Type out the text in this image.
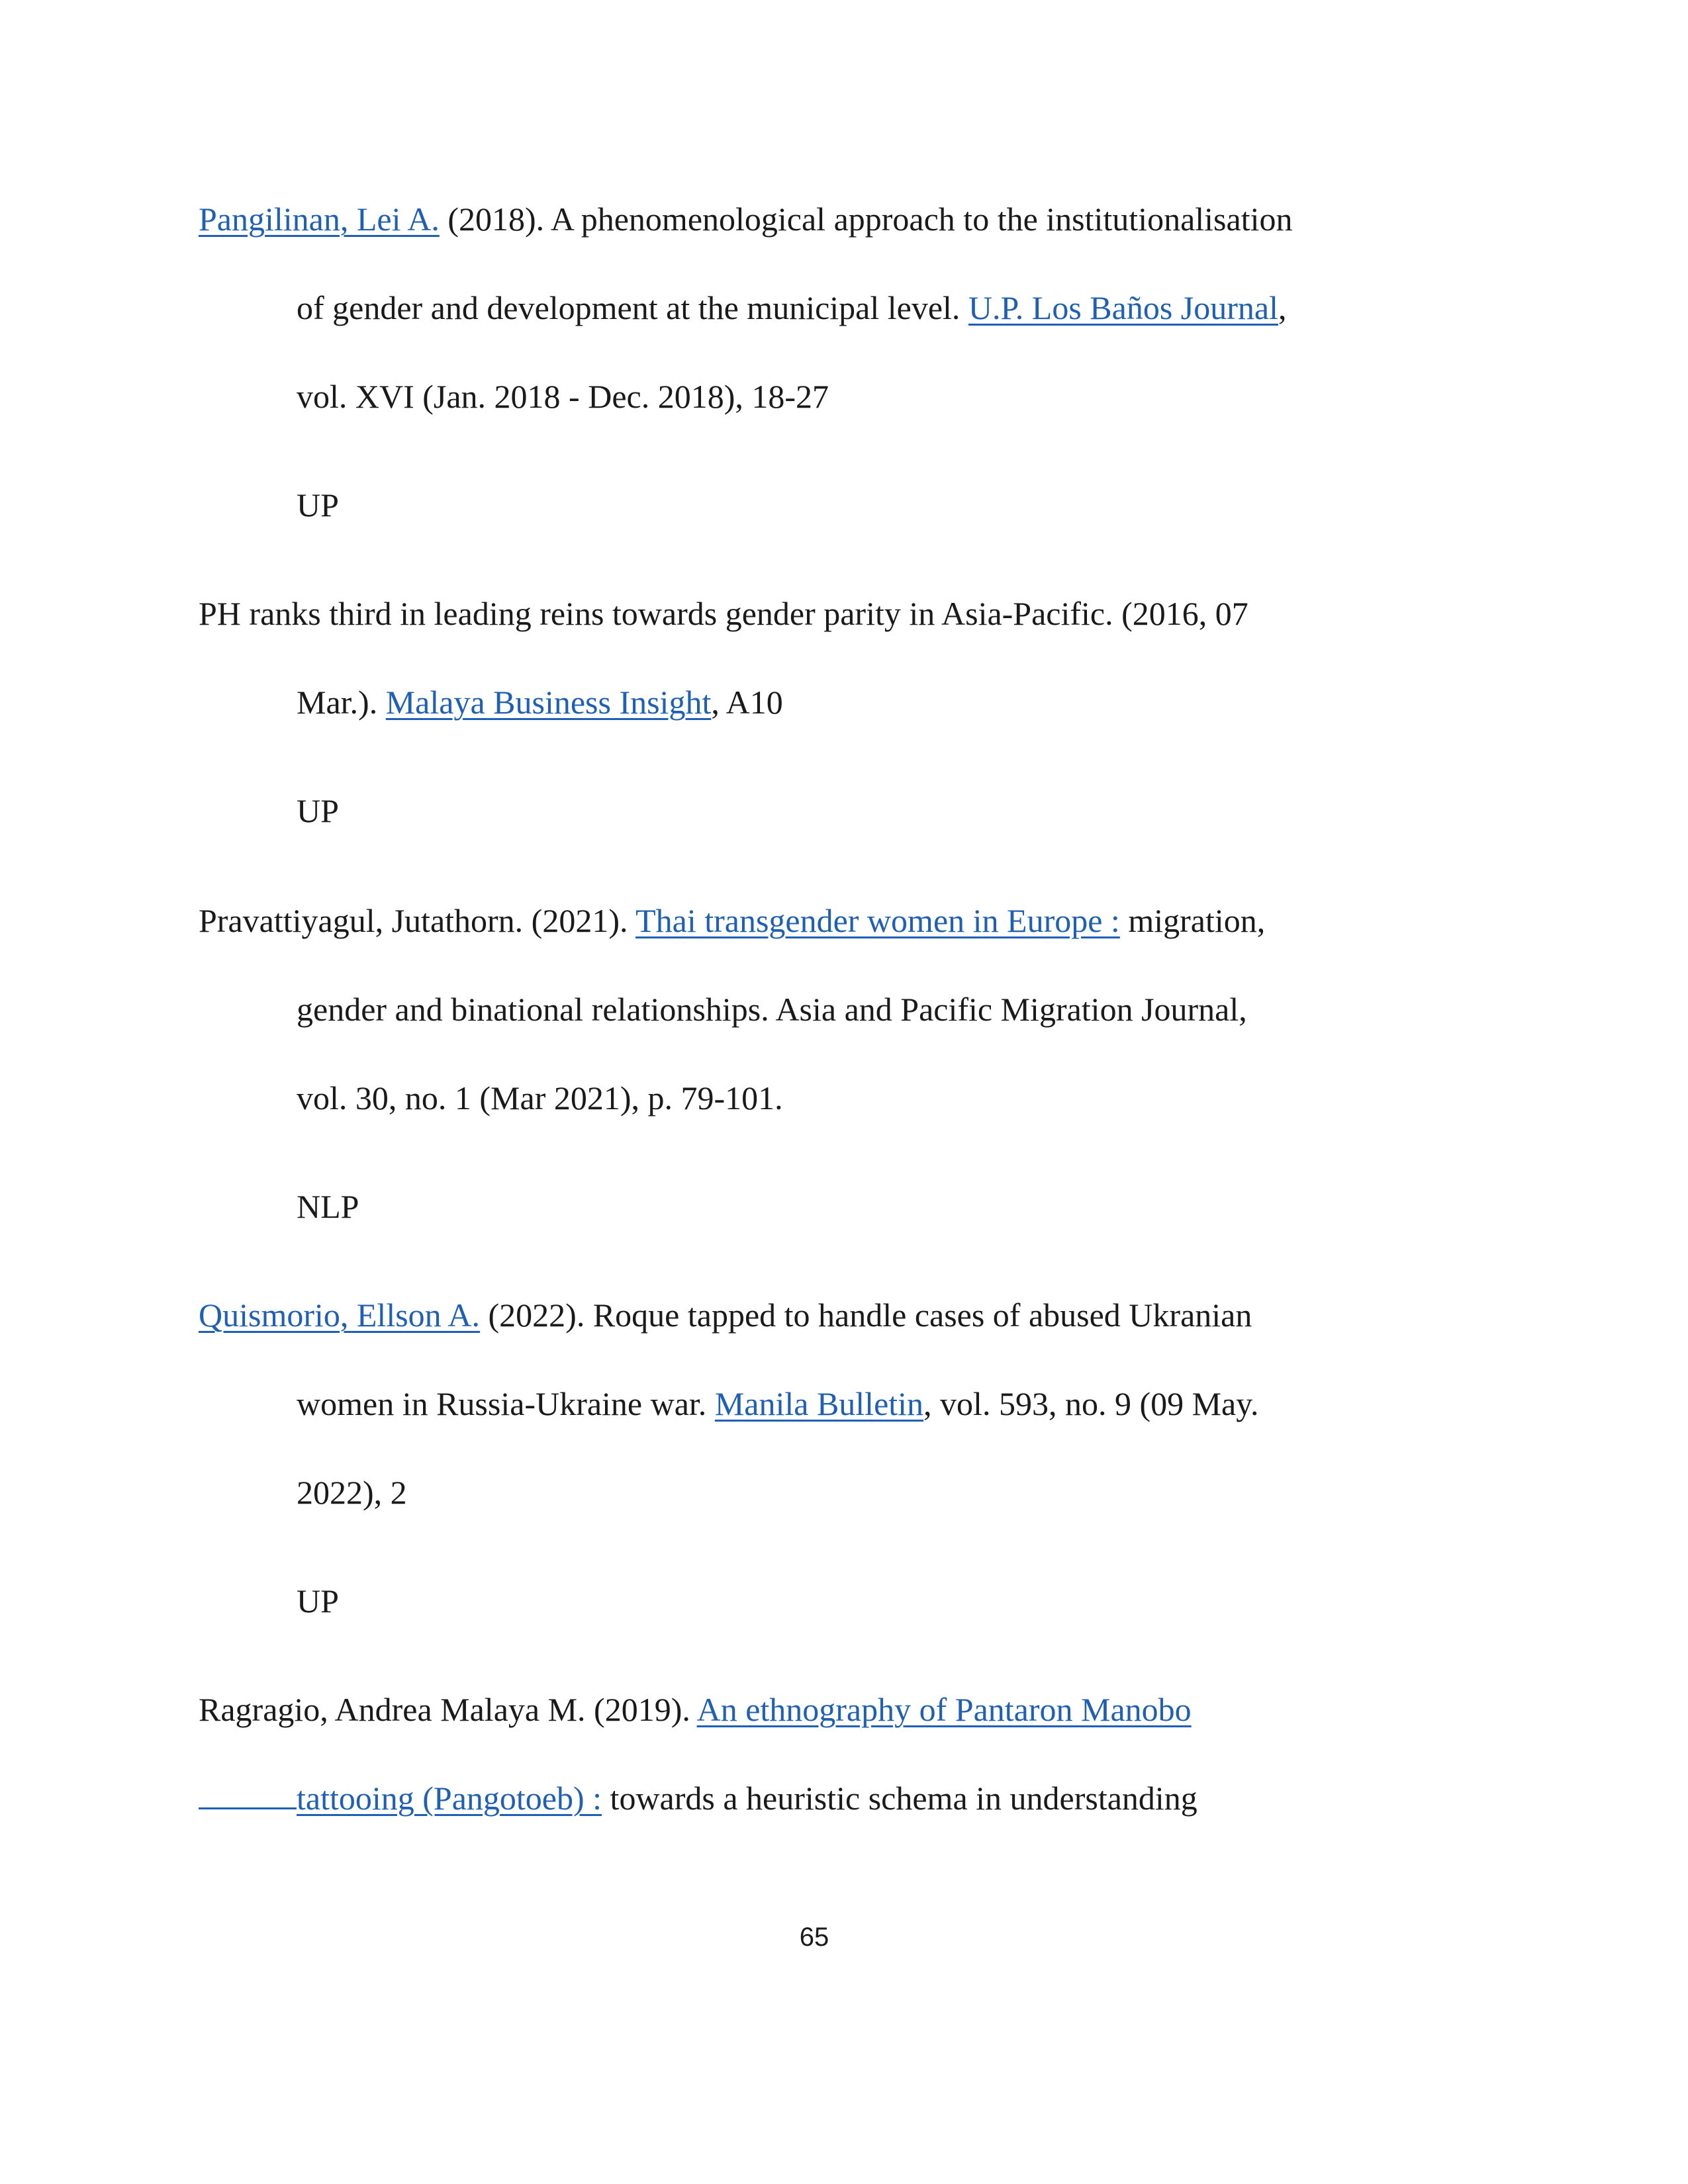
Pangilinan, Lei A. (2018). A phenomenological approach to the institutionalisation
of gender and development at the municipal level. U.P. Los Baños Journal,
vol. XVI (Jan. 2018 - Dec. 2018), 18-27
UP
PH ranks third in leading reins towards gender parity in Asia-Pacific. (2016, 07
Mar.). Malaya Business Insight, A10
UP
Pravattiyagul, Jutathorn. (2021). Thai transgender women in Europe : migration,
gender and binational relationships. Asia and Pacific Migration Journal,
vol. 30, no. 1 (Mar 2021), p. 79-101.
NLP
Quismorio, Ellson A. (2022). Roque tapped to handle cases of abused Ukranian
women in Russia-Ukraine war. Manila Bulletin, vol. 593, no. 9 (09 May.
2022), 2
UP
Ragragio, Andrea Malaya M. (2019). An ethnography of Pantaron Manobo
tattooing (Pangotoeb) : towards a heuristic schema in understanding
65
